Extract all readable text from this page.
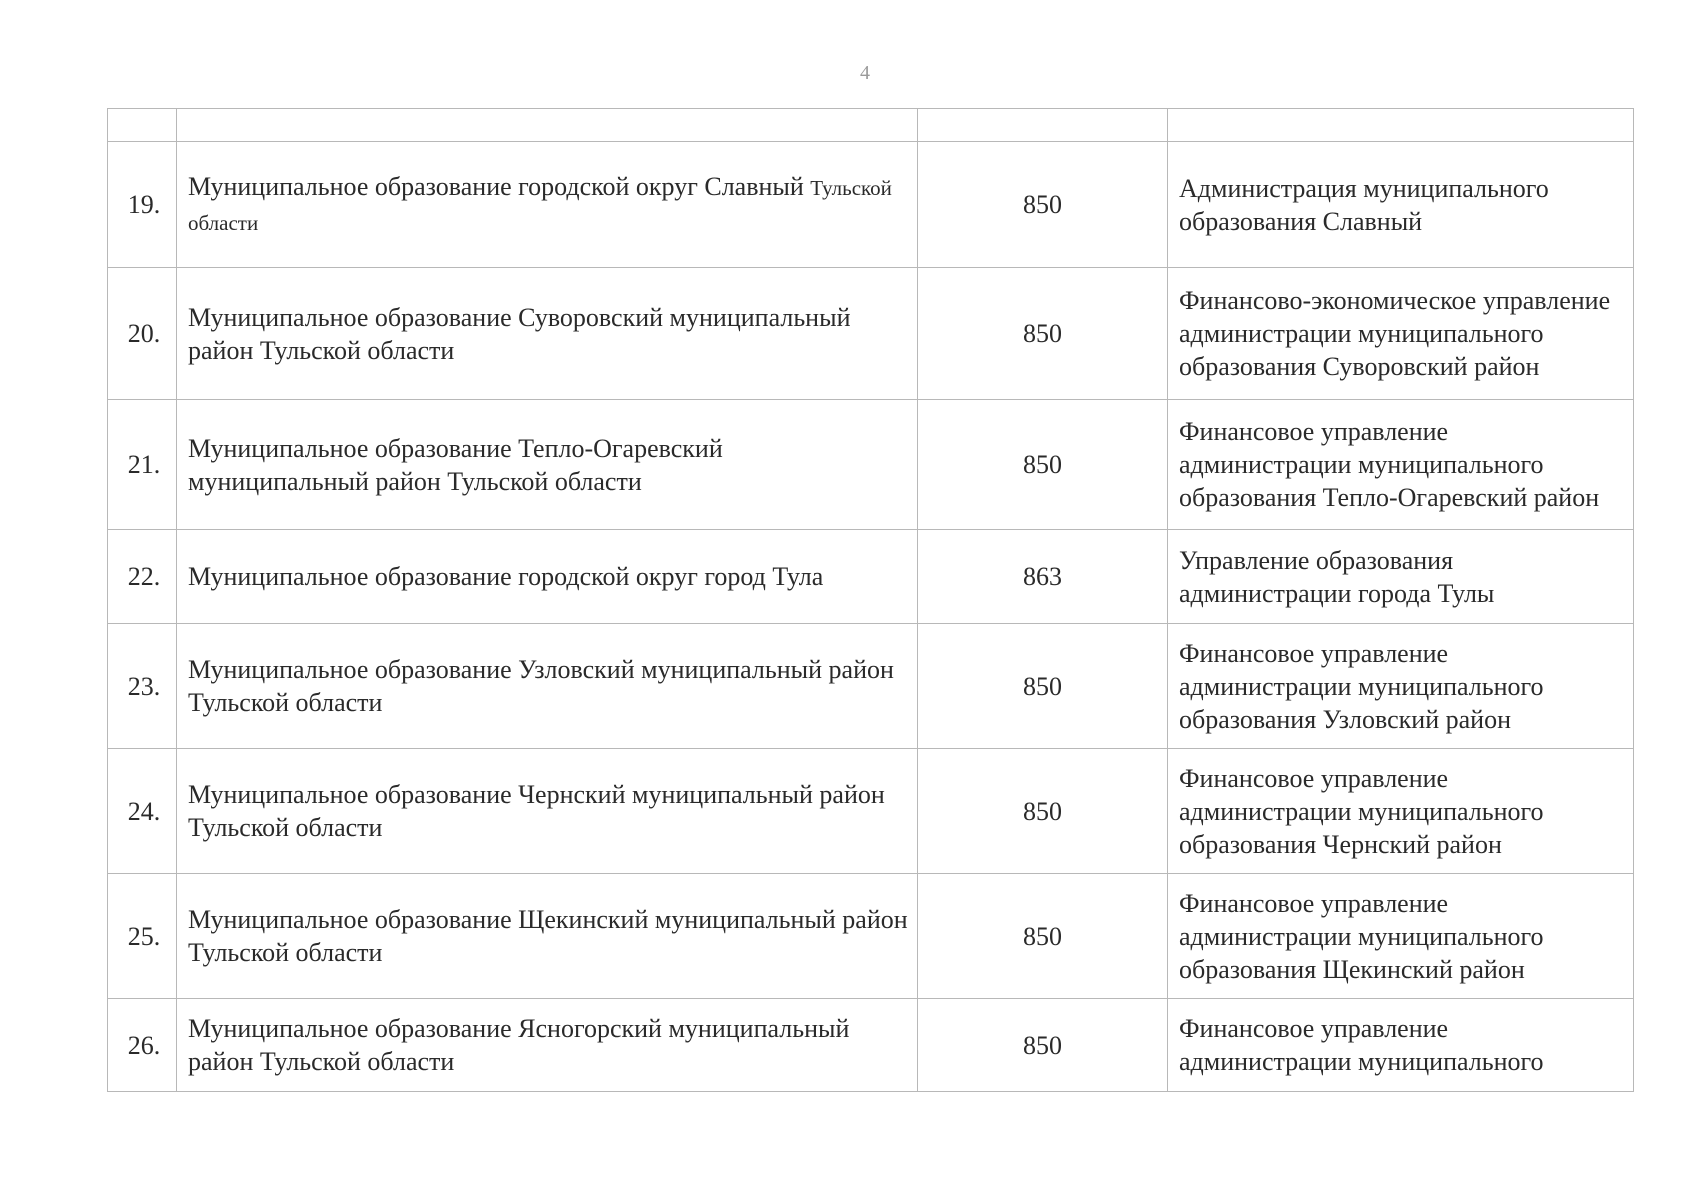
4

19.	Муниципальное образование городской округ Славный Тульской области	850	Администрация муниципального образования Славный
20.	Муниципальное образование Суворовский муниципальный район Тульской области	850	Финансово-экономическое управление администрации муниципального образования Суворовский район
21.	Муниципальное образование Тепло-Огаревский муниципальный район Тульской области	850	Финансовое управление администрации муниципального образования Тепло-Огаревский район
22.	Муниципальное образование городской округ город Тула	863	Управление образования администрации города Тулы
23.	Муниципальное образование Узловский муниципальный район Тульской области	850	Финансовое управление администрации муниципального образования Узловский район
24.	Муниципальное образование Чернский муниципальный район Тульской области	850	Финансовое управление администрации муниципального образования Чернский район
25.	Муниципальное образование Щекинский муниципальный район Тульской области	850	Финансовое управление администрации муниципального образования Щекинский район
26.	Муниципальное образование Ясногорский муниципальный район Тульской области	850	Финансовое управление администрации муниципального
